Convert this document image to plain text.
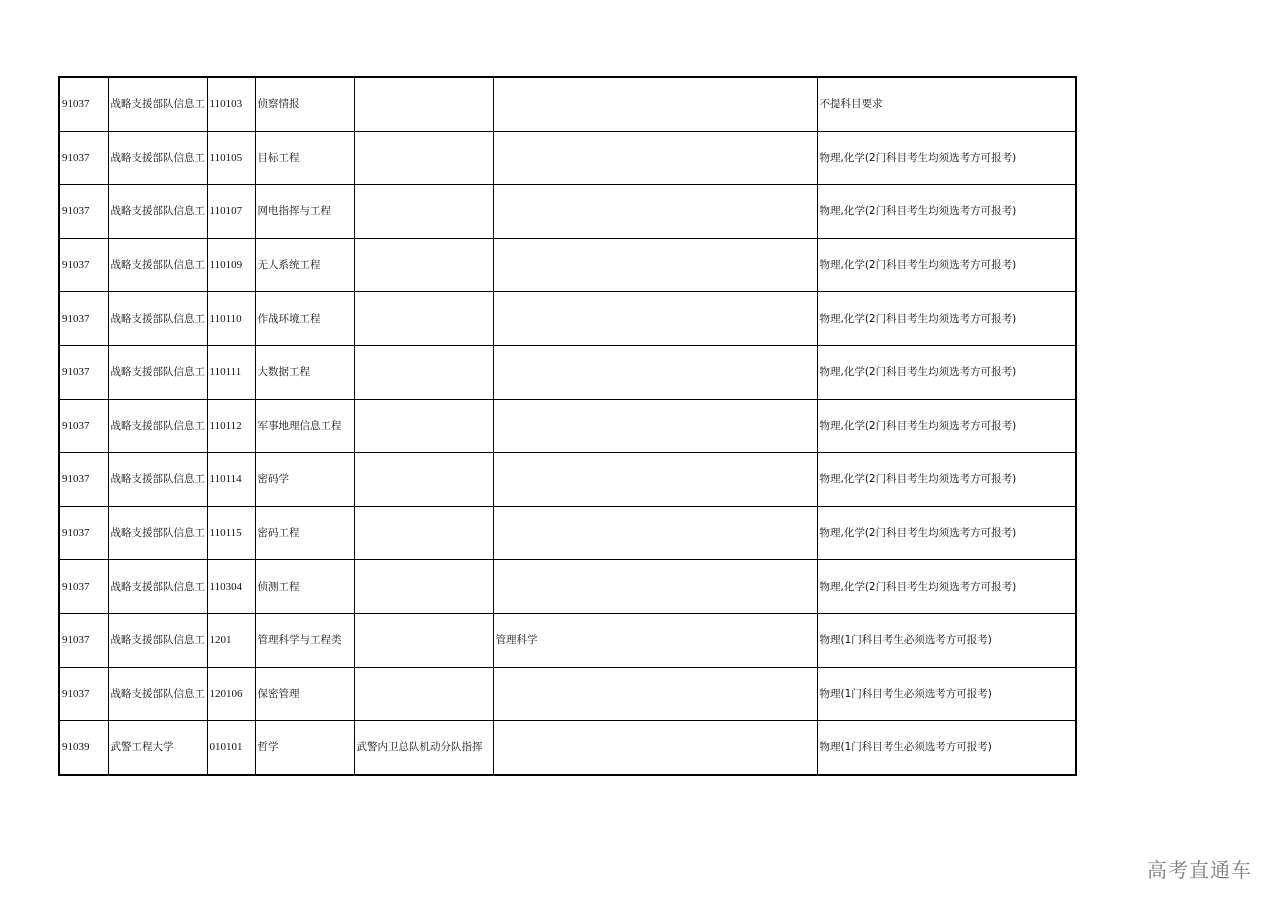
91037	战略支援部队信息工	110103	侦察情报			不提科目要求
91037	战略支援部队信息工	110105	目标工程			物理,化学(2门科目考生均须选考方可报考)
91037	战略支援部队信息工	110107	网电指挥与工程			物理,化学(2门科目考生均须选考方可报考)
91037	战略支援部队信息工	110109	无人系统工程			物理,化学(2门科目考生均须选考方可报考)
91037	战略支援部队信息工	110110	作战环境工程			物理,化学(2门科目考生均须选考方可报考)
91037	战略支援部队信息工	110111	大数据工程			物理,化学(2门科目考生均须选考方可报考)
91037	战略支援部队信息工	110112	军事地理信息工程			物理,化学(2门科目考生均须选考方可报考)
91037	战略支援部队信息工	110114	密码学			物理,化学(2门科目考生均须选考方可报考)
91037	战略支援部队信息工	110115	密码工程			物理,化学(2门科目考生均须选考方可报考)
91037	战略支援部队信息工	110304	侦测工程			物理,化学(2门科目考生均须选考方可报考)
91037	战略支援部队信息工	1201	管理科学与工程类		管理科学	物理(1门科目考生必须选考方可报考)
91037	战略支援部队信息工	120106	保密管理			物理(1门科目考生必须选考方可报考)
91039	武警工程大学	010101	哲学	武警内卫总队机动分队指挥		物理(1门科目考生必须选考方可报考)
高考直通车
